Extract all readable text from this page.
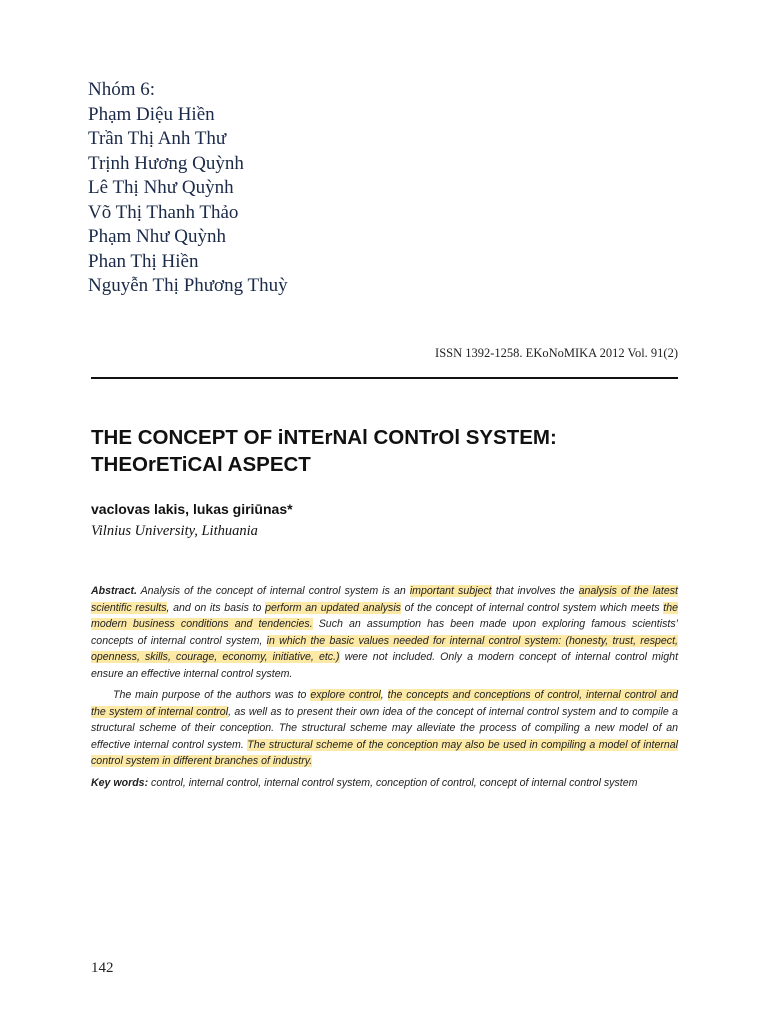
Nhóm 6:
Phạm Diệu Hiền
Trần Thị Anh Thư
Trịnh Hương Quỳnh
Lê Thị Như Quỳnh
Võ Thị Thanh Thảo
Phạm Như Quỳnh
Phan Thị Hiền
Nguyễn Thị Phương Thuỳ
ISSN 1392-1258. EKoNoMIKA 2012 Vol. 91(2)
THE CONCEPT OF iNTErNAl CONTrOl SYSTEM:
THEOrETiCAl ASPECT
vaclovas lakis, lukas giriūnas*
Vilnius University, Lithuania

Abstract. Analysis of the concept of internal control system is an important subject that involves the analysis of the latest scientific results, and on its basis to perform an updated analysis of the concept of internal control system which meets the modern business conditions and tendencies. Such an assumption has been made upon exploring famous scientists’ concepts of internal control system, in which the basic values needed for internal control system: (honesty, trust, respect, openness, skills, courage, economy, initiative, etc.) were not included. Only a modern concept of internal control might ensure an effective internal control system.

The main purpose of the authors was to explore control, the concepts and conceptions of control, internal control and the system of internal control, as well as to present their own idea of the concept of internal control system and to compile a structural scheme of their conception. The structural scheme may alleviate the process of compiling a new model of an effective internal control system. The structural scheme of the conception may also be used in compiling a model of internal control system in different branches of industry.

Key words: control, internal control, internal control system, conception of control, concept of internal control system

142
